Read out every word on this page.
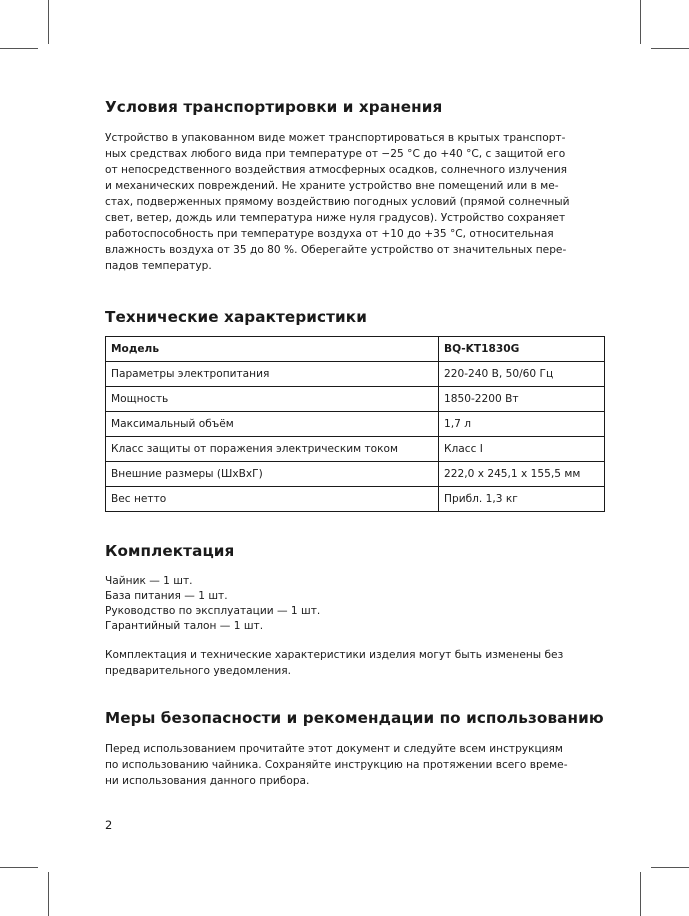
Условия транспортировки и хранения
Устройство в упакованном виде может транспортироваться в крытых транспорт-
ных средствах любого вида при температуре от −25 °C до +40 °C, с защитой его
от непосредственного воздействия атмосферных осадков, солнечного излучения
и механических повреждений. Не храните устройство вне помещений или в ме-
стах, подверженных прямому воздействию погодных условий (прямой солнечный
свет, ветер, дождь или температура ниже нуля градусов). Устройство сохраняет
работоспособность при температуре воздуха от +10 до +35 °C, относительная
влажность воздуха от 35 до 80 %. Оберегайте устройство от значительных пере-
падов температур.
Технические характеристики
Модель	BQ-KT1830G
Параметры электропитания	220-240 В, 50/60 Гц
Мощность	1850-2200 Вт
Максимальный объём	1,7 л
Класс защиты от поражения электрическим током	Класс I
Внешние размеры (ШxВxГ)	222,0 x 245,1 x 155,5 мм
Вес нетто	Прибл. 1,3 кг
Комплектация
Чайник — 1 шт.
База питания — 1 шт.
Руководство по эксплуатации — 1 шт.
Гарантийный талон — 1 шт.
Комплектация и технические характеристики изделия могут быть изменены без
предварительного уведомления.
Меры безопасности и рекомендации по использованию
Перед использованием прочитайте этот документ и следуйте всем инструкциям
по использованию чайника. Сохраняйте инструкцию на протяжении всего време-
ни использования данного прибора.
2
